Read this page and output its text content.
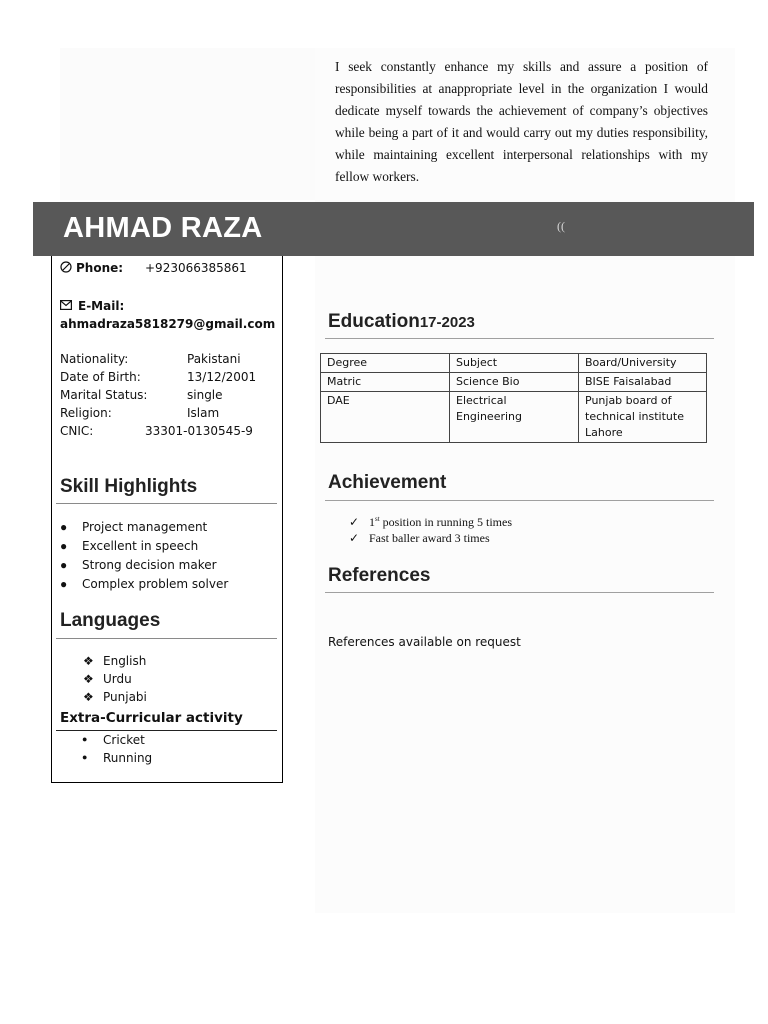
I seek constantly enhance my skills and assure a position of responsibilities at anappropriate level in the organization I would dedicate myself towards the achievement of company’s objectives while being a part of it and would carry out my duties responsibility, while maintaining excellent interpersonal relationships with my fellow workers.
AHMAD RAZA	((
Phone: +923066385861
E-Mail:
ahmadraza5818279@gmail.com
Nationality:	Pakistani
Date of Birth:	13/12/2001
Marital Status:	single
Religion:	Islam
CNIC:	33301-0130545-9
Skill Highlights
● Project management
● Excellent in speech
● Strong decision maker
● Complex problem solver
Languages
❖ English
❖ Urdu
❖ Punjabi
Extra-Curricular activity
● Cricket
● Running
Education17-2023
Degree	Subject	Board/University
Matric	Science Bio	BISE Faisalabad
DAE	Electrical Engineering	Punjab board of technical institute Lahore
Achievement
✓ 1st position in running 5 times
✓ Fast baller award 3 times
References
References available on request
